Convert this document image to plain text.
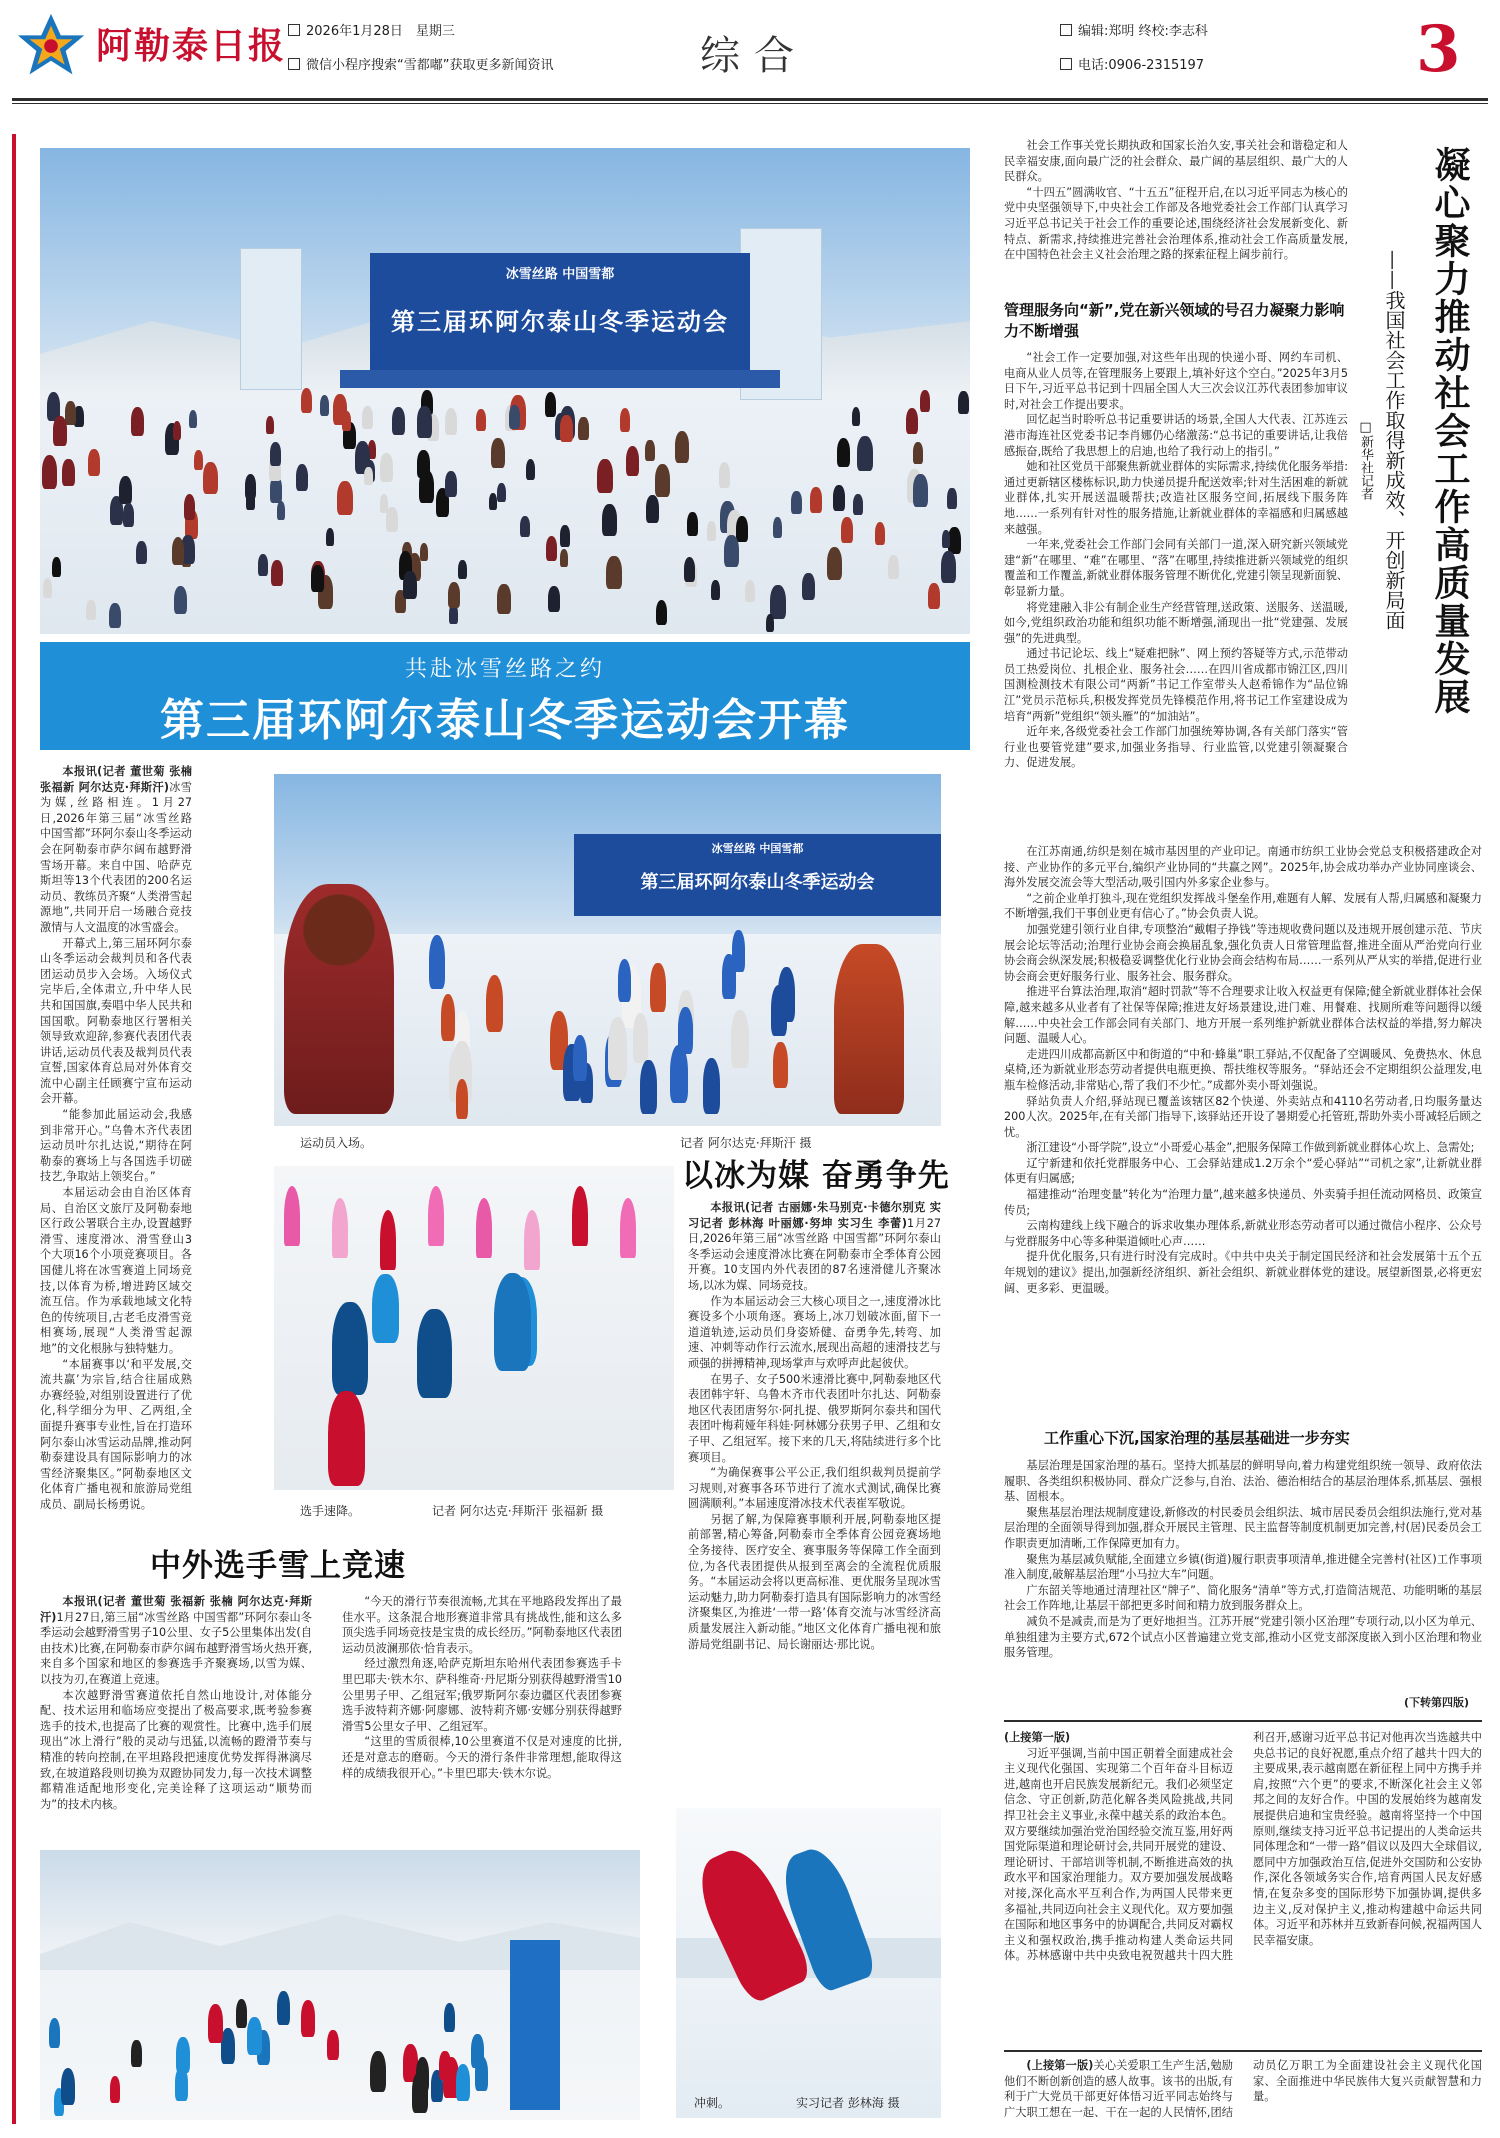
阿勒泰日报	2026年1月28日　星期三
微信小程序搜索“雪都嘟”获取更多新闻资讯	综合
编辑:郑明 终校:李志科
电话:0906-2315197	3
冰雪丝路 中国雪都
第三届环阿尔泰山冬季运动会
共赴冰雪丝路之约
第三届环阿尔泰山冬季运动会开幕

本报讯(记者 董世菊 张楠 张福新 阿尔达克·拜斯汗)冰雪为媒,丝路相连。1月27日,2026年第三届“冰雪丝路 中国雪都”环阿尔泰山冬季运动会在阿勒泰市萨尔阔布越野滑雪场开幕。来自中国、哈萨克斯坦等13个代表团的200名运动员、教练员齐聚“人类滑雪起源地”,共同开启一场融合竞技激情与人文温度的冰雪盛会。

开幕式上,第三届环阿尔泰山冬季运动会裁判员和各代表团运动员步入会场。入场仪式完毕后,全体肃立,升中华人民共和国国旗,奏唱中华人民共和国国歌。阿勒泰地区行署相关领导致欢迎辞,参赛代表团代表讲话,运动员代表及裁判员代表宣誓,国家体育总局对外体育交流中心副主任顾赛宁宣布运动会开幕。

“能参加此届运动会,我感到非常开心。”乌鲁木齐代表团运动员叶尔扎达说,“期待在阿勒泰的赛场上与各国选手切磋技艺,争取站上领奖台。”

本届运动会由自治区体育局、自治区文旅厅及阿勒泰地区行政公署联合主办,设置越野滑雪、速度滑冰、滑雪登山3个大项16个小项竞赛项目。各国健儿将在冰雪赛道上同场竞技,以体育为桥,增进跨区域交流互信。作为承载地域文化特色的传统项目,古老毛皮滑雪竞相赛场,展现“人类滑雪起源地”的文化根脉与独特魅力。

“本届赛事以‘和平发展,交流共赢’为宗旨,结合往届成熟办赛经验,对组别设置进行了优化,科学细分为甲、乙两组,全面提升赛事专业性,旨在打造环阿尔泰山冰雪运动品牌,推动阿勒泰建设具有国际影响力的冰雪经济聚集区。”阿勒泰地区文化体育广播电视和旅游局党组成员、副局长杨勇说。

冰雪丝路 中国雪都
第三届环阿尔泰山冬季运动会
运动员入场。	记者 阿尔达克·拜斯汗 摄
选手速降。	记者 阿尔达克·拜斯汗 张福新 摄
以冰为媒 奋勇争先

本报讯(记者 古丽娜·朱马别克·卡德尔别克 实习记者 彭林海 叶丽娜·努坤 实习生 李蕾)1月27日,2026年第三届“冰雪丝路 中国雪都”环阿尔泰山冬季运动会速度滑冰比赛在阿勒泰市全季体育公园开赛。10支国内外代表团的87名速滑健儿齐聚冰场,以冰为媒、同场竞技。

作为本届运动会三大核心项目之一,速度滑冰比赛设多个小项角逐。赛场上,冰刀划破冰面,留下一道道轨迹,运动员们身姿矫健、奋勇争先,转弯、加速、冲刺等动作行云流水,展现出高超的速滑技艺与顽强的拼搏精神,现场掌声与欢呼声此起彼伏。

在男子、女子500米速滑比赛中,阿勒泰地区代表团韩宇轩、乌鲁木齐市代表团叶尔扎达、阿勒泰地区代表团唐努尔·阿扎提、俄罗斯阿尔泰共和国代表团叶梅莉娅年科娃·阿林娜分获男子甲、乙组和女子甲、乙组冠军。接下来的几天,将陆续进行多个比赛项目。

“为确保赛事公平公正,我们组织裁判员提前学习规则,对赛事各环节进行了流水式测试,确保比赛圆满顺利。”本届速度滑冰技术代表崔军敬说。

另据了解,为保障赛事顺利开展,阿勒泰地区提前部署,精心筹备,阿勒泰市全季体育公园竞赛场地全务接待、医疗安全、赛事服务等保障工作全面到位,为各代表团提供从报到至离会的全流程优质服务。“本届运动会将以更高标准、更优服务呈现冰雪运动魅力,助力阿勒泰打造具有国际影响力的冰雪经济聚集区,为推进‘一带一路’体育交流与冰雪经济高质量发展注入新动能。”地区文化体育广播电视和旅游局党组副书记、局长谢丽达·那比说。

中外选手雪上竞速

本报讯(记者 董世菊 张福新 张楠 阿尔达克·拜斯汗)1月27日,第三届“冰雪丝路 中国雪都”环阿尔泰山冬季运动会越野滑雪男子10公里、女子5公里集体出发(自由技术)比赛,在阿勒泰市萨尔阔布越野滑雪场火热开赛,来自多个国家和地区的参赛选手齐聚赛场,以雪为媒、以技为刃,在赛道上竞速。

本次越野滑雪赛道依托自然山地设计,对体能分配、技术运用和临场应变提出了极高要求,既考验参赛选手的技术,也提高了比赛的观赏性。比赛中,选手们展现出“冰上滑行”般的灵动与迅猛,以流畅的蹬滑节奏与精准的转向控制,在平坦路段把速度优势发挥得淋漓尽致,在坡道路段则切换为双蹬协同发力,每一次技术调整都精准适配地形变化,完美诠释了这项运动“顺势而为”的技术内核。

“今天的滑行节奏很流畅,尤其在平地路段发挥出了最佳水平。这条混合地形赛道非常具有挑战性,能和这么多顶尖选手同场竞技是宝贵的成长经历。”阿勒泰地区代表团运动员波澜那依·恰肯表示。

经过激烈角逐,哈萨克斯坦东哈州代表团参赛选手卡里巴耶夫·铁木尔、萨科维奇·丹尼斯分别获得越野滑雪10公里男子甲、乙组冠军;俄罗斯阿尔泰边疆区代表团参赛选手波特莉齐娜·阿廖娜、波特莉齐娜·安娜分别获得越野滑雪5公里女子甲、乙组冠军。

“这里的雪质很棒,10公里赛道不仅是对速度的比拼,还是对意志的磨砺。今天的滑行条件非常理想,能取得这样的成绩我很开心。”卡里巴耶夫·铁木尔说。

冲刺。	实习记者 彭林海 摄
凝心聚力推动社会工作高质量发展
——我国社会工作取得新成效、开创新局面
□新华社记者

社会工作事关党长期执政和国家长治久安,事关社会和谐稳定和人民幸福安康,面向最广泛的社会群众、最广阔的基层组织、最广大的人民群众。

“十四五”圆满收官、“十五五”征程开启,在以习近平同志为核心的党中央坚强领导下,中央社会工作部及各地党委社会工作部门认真学习习近平总书记关于社会工作的重要论述,围绕经济社会发展新变化、新特点、新需求,持续推进完善社会治理体系,推动社会工作高质量发展,在中国特色社会主义社会治理之路的探索征程上阔步前行。

管理服务向“新”,党在新兴领域的号召力凝聚力影响力不断增强

“社会工作一定要加强,对这些年出现的快递小哥、网约车司机、电商从业人员等,在管理服务上要跟上,填补好这个空白。”2025年3月5日下午,习近平总书记到十四届全国人大三次会议江苏代表团参加审议时,对社会工作提出要求。

回忆起当时聆听总书记重要讲话的场景,全国人大代表、江苏连云港市海连社区党委书记李肖娜仍心绪激荡:“总书记的重要讲话,让我倍感振奋,既给了我思想上的启迪,也给了我行动上的指引。”

她和社区党员干部聚焦新就业群体的实际需求,持续优化服务举措:通过更新辖区楼栋标识,助力快递员提升配送效率;针对生活困难的新就业群体,扎实开展送温暖帮扶;改造社区服务空间,拓展线下服务阵地……一系列有针对性的服务措施,让新就业群体的幸福感和归属感越来越强。

一年来,党委社会工作部门会同有关部门一道,深入研究新兴领域党建“新”在哪里、“难”在哪里、“落”在哪里,持续推进新兴领域党的组织覆盖和工作覆盖,新就业群体服务管理不断优化,党建引领呈现新面貌、彰显新力量。

将党建融入非公有制企业生产经营管理,送政策、送服务、送温暖,如今,党组织政治功能和组织功能不断增强,涌现出一批“党建强、发展强”的先进典型。

通过书记论坛、线上“疑难把脉”、网上预约答疑等方式,示范带动员工热爱岗位、扎根企业、服务社会……在四川省成都市锦江区,四川国测检测技术有限公司“两新”书记工作室带头人赵希锦作为“品位锦江”党员示范标兵,积极发挥党员先锋模范作用,将书记工作室建设成为培育“两新”党组织“领头雁”的“加油站”。

近年来,各级党委社会工作部门加强统筹协调,各有关部门落实“管行业也要管党建”要求,加强业务指导、行业监管,以党建引领凝聚合力、促进发展。

在江苏南通,纺织是刻在城市基因里的产业印记。南通市纺织工业协会党总支积极搭建政企对接、产业协作的多元平台,编织产业协同的“共赢之网”。2025年,协会成功举办产业协同座谈会、海外发展交流会等大型活动,吸引国内外多家企业参与。

“之前企业单打独斗,现在党组织发挥战斗堡垒作用,难题有人解、发展有人帮,归属感和凝聚力不断增强,我们干事创业更有信心了。”协会负责人说。

加强党建引领行业自律,专项整治“戴帽子挣钱”等违规收费问题以及违规开展创建示范、节庆展会论坛等活动;治理行业协会商会换届乱象,强化负责人日常管理监督,推进全面从严治党向行业协会商会纵深发展;积极稳妥调整优化行业协会商会结构布局……一系列从严从实的举措,促进行业协会商会更好服务行业、服务社会、服务群众。

推进平台算法治理,取消“超时罚款”等不合理要求让收入权益更有保障;健全新就业群体社会保障,越来越多从业者有了社保等保障;推进友好场景建设,进门难、用餐难、找厕所难等问题得以缓解……中央社会工作部会同有关部门、地方开展一系列维护新就业群体合法权益的举措,努力解决问题、温暖人心。

走进四川成都高新区中和街道的“中和·蜂巢”职工驿站,不仅配备了空调暖风、免费热水、休息桌椅,还为新就业形态劳动者提供电瓶更换、帮扶维权等服务。“驿站还会不定期组织公益理发,电瓶车检修活动,非常贴心,帮了我们不少忙。”成都外卖小哥刘强说。

驿站负责人介绍,驿站现已覆盖该辖区82个快递、外卖站点和4110名劳动者,日均服务量达200人次。2025年,在有关部门指导下,该驿站还开设了暑期爱心托管班,帮助外卖小哥减轻后顾之忧。

浙江建设“小哥学院”,设立“小哥爱心基金”,把服务保障工作做到新就业群体心坎上、急需处;

辽宁新建和依托党群服务中心、工会驿站建成1.2万余个“爱心驿站”“司机之家”,让新就业群体更有归属感;

福建推动“治理变量”转化为“治理力量”,越来越多快递员、外卖骑手担任流动网格员、政策宣传员;

云南构建线上线下融合的诉求收集办理体系,新就业形态劳动者可以通过微信小程序、公众号与党群服务中心等多种渠道倾吐心声……

提升优化服务,只有进行时没有完成时。《中共中央关于制定国民经济和社会发展第十五个五年规划的建议》提出,加强新经济组织、新社会组织、新就业群体党的建设。展望新图景,必将更宏阔、更多彩、更温暖。

工作重心下沉,国家治理的基层基础进一步夯实

基层治理是国家治理的基石。坚持大抓基层的鲜明导向,着力构建党组织统一领导、政府依法履职、各类组织积极协同、群众广泛参与,自治、法治、德治相结合的基层治理体系,抓基层、强根基、固根本。

聚焦基层治理法规制度建设,新修改的村民委员会组织法、城市居民委员会组织法施行,党对基层治理的全面领导得到加强,群众开展民主管理、民主监督等制度机制更加完善,村(居)民委员会工作职责更加清晰,工作保障更加有力。

聚焦为基层减负赋能,全面建立乡镇(街道)履行职责事项清单,推进健全完善村(社区)工作事项准入制度,破解基层治理“小马拉大车”问题。

广东韶关等地通过清理社区“牌子”、简化服务“清单”等方式,打造简洁规范、功能明晰的基层社会工作阵地,让基层干部把更多时间和精力放到服务群众上。

减负不是减责,而是为了更好地担当。江苏开展“党建引领小区治理”专项行动,以小区为单元、单独组建为主要方式,672个试点小区普遍建立党支部,推动小区党支部深度嵌入到小区治理和物业服务管理。

(下转第四版)

(上接第一版)

习近平强调,当前中国正朝着全面建成社会主义现代化强国、实现第二个百年奋斗目标迈进,越南也开启民族发展新纪元。我们必须坚定信念、守正创新,防范化解各类风险挑战,共同捍卫社会主义事业,永葆中越关系的政治本色。双方要继续加强治党治国经验交流互鉴,用好两国党际渠道和理论研讨会,共同开展党的建设、理论研讨、干部培训等机制,不断推进高效的执政水平和国家治理能力。双方要加强发展战略对接,深化高水平互利合作,为两国人民带来更多福祉,共同迈向社会主义现代化。双方要加强在国际和地区事务中的协调配合,共同反对霸权主义和强权政治,携手推动构建人类命运共同体。苏林感谢中共中央致电祝贺越共十四大胜利召开,感谢习近平总书记对他再次当选越共中央总书记的良好祝愿,重点介绍了越共十四大的主要成果,表示越南愿在新征程上同中方携手并肩,按照“六个更”的要求,不断深化社会主义邻邦之间的友好合作。中国的发展始终为越南发展提供启迪和宝贵经验。越南将坚持一个中国原则,继续支持习近平总书记提出的人类命运共同体理念和“一带一路”倡议以及四大全球倡议,愿同中方加强政治互信,促进外交国防和公安协作,深化各领域务实合作,培育两国人民友好感情,在复杂多变的国际形势下加强协调,提供多边主义,反对保护主义,推动构建越中命运共同体。习近平和苏林并互致新春问候,祝福两国人民幸福安康。

(上接第一版)关心关爱职工生产生活,勉励他们不断创新创造的感人故事。该书的出版,有利于广大党员干部更好体悟习近平同志始终与广大职工想在一起、干在一起的人民情怀,团结动员亿万职工为全面建设社会主义现代化国家、全面推进中华民族伟大复兴贡献智慧和力量。
